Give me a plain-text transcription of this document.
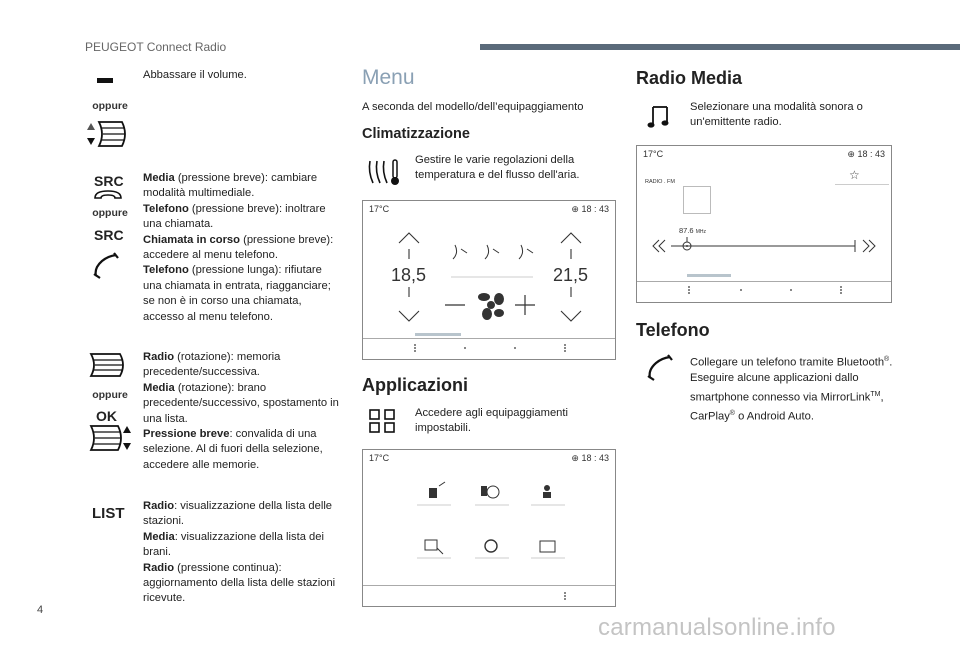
PEUGEOT Connect Radio
oppure
Abbassare il volume.
SRC
oppure
SRC
Media (pressione breve): cambiare modalità multimediale.
Telefono (pressione breve): inoltrare una chiamata.
Chiamata in corso (pressione breve): accedere al menu telefono.
Telefono (pressione lunga): rifiutare una chiamata in entrata, riagganciare; se non è in corso una chiamata, accesso al menu telefono.
oppure
OK
Radio (rotazione): memoria precedente/successiva.
Media (rotazione): brano precedente/successivo, spostamento in una lista.
Pressione breve: convalida di una selezione. Al di fuori della selezione, accedere alle memorie.
LIST Radio: visualizzazione della lista delle stazioni.
Media: visualizzazione della lista dei brani.
Radio (pressione continua): aggiornamento della lista delle stazioni ricevute.
Menu
A seconda del modello/dell’equipaggiamento
Climatizzazione
Gestire le varie regolazioni della temperatura e del flusso dell'aria.
17°C	⊕ 18 : 43
18,5	21,5
Applicazioni
Accedere agli equipaggiamenti impostabili.
17°C	⊕ 18 : 43
Radio Media
Selezionare una modalità sonora o un'emittente radio.
17°C	⊕ 18 : 43
RADIO . FM	☆
87.6 MHz
Telefono
Collegare un telefono tramite Bluetooth®.
Eseguire alcune applicazioni dallo smartphone connesso via MirrorLink™,
CarPlay® o Android Auto.
4
carmanualsonline.info
